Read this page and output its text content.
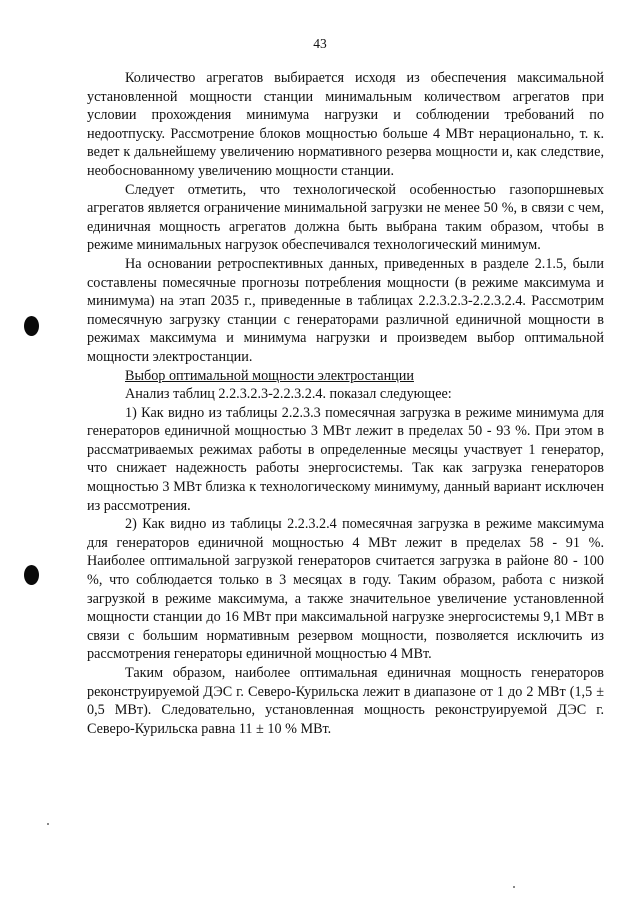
43

Количество агрегатов выбирается исходя из обеспечения максимальной установленной мощности станции минимальным количеством агрегатов при условии прохождения минимума нагрузки и соблюдении требований по недоотпуску. Рассмотрение блоков мощностью больше 4 МВт нерационально, т. к. ведет к дальнейшему увеличению нормативного резерва мощности и, как следствие, необоснованному увеличению мощности станции.

Следует отметить, что технологической особенностью газопоршневых агрегатов является ограничение минимальной загрузки не менее 50 %, в связи с чем, единичная мощность агрегатов должна быть выбрана таким образом, чтобы в режиме минимальных нагрузок обеспечивался технологический минимум.

На основании ретроспективных данных, приведенных в разделе 2.1.5, были составлены помесячные прогнозы потребления мощности (в режиме максимума и минимума) на этап 2035 г., приведенные в таблицах 2.2.3.2.3-2.2.3.2.4. Рассмотрим помесячную загрузку станции с генераторами различной единичной мощности в режимах максимума и минимума нагрузки и произведем выбор оптимальной мощности электростанции.

Выбор оптимальной мощности электростанции

Анализ таблиц 2.2.3.2.3-2.2.3.2.4. показал следующее:

1) Как видно из таблицы 2.2.3.3 помесячная загрузка в режиме минимума для генераторов единичной мощностью 3 МВт лежит в пределах 50 - 93 %. При этом в рассматриваемых режимах работы в определенные месяцы участвует 1 генератор, что снижает надежность работы энергосистемы. Так как загрузка генераторов мощностью 3 МВт близка к технологическому минимуму, данный вариант исключен из рассмотрения.

2) Как видно из таблицы 2.2.3.2.4 помесячная загрузка в режиме максимума для генераторов единичной мощностью 4 МВт лежит в пределах 58 - 91 %. Наиболее оптимальной загрузкой генераторов считается загрузка в районе 80 - 100 %, что соблюдается только в 3 месяцах в году. Таким образом, работа с низкой загрузкой в режиме максимума, а также значительное увеличение установленной мощности станции до 16 МВт при максимальной нагрузке энергосистемы 9,1 МВт в связи с большим нормативным резервом мощности, позволяется исключить из рассмотрения генераторы единичной мощностью 4 МВт.

Таким образом, наиболее оптимальная единичная мощность генераторов реконструируемой ДЭС г. Северо-Курильска лежит в диапазоне от 1 до 2 МВт (1,5 ± 0,5 МВт). Следовательно, установленная мощность реконструируемой ДЭС г. Северо-Курильска равна 11 ± 10 % МВт.
